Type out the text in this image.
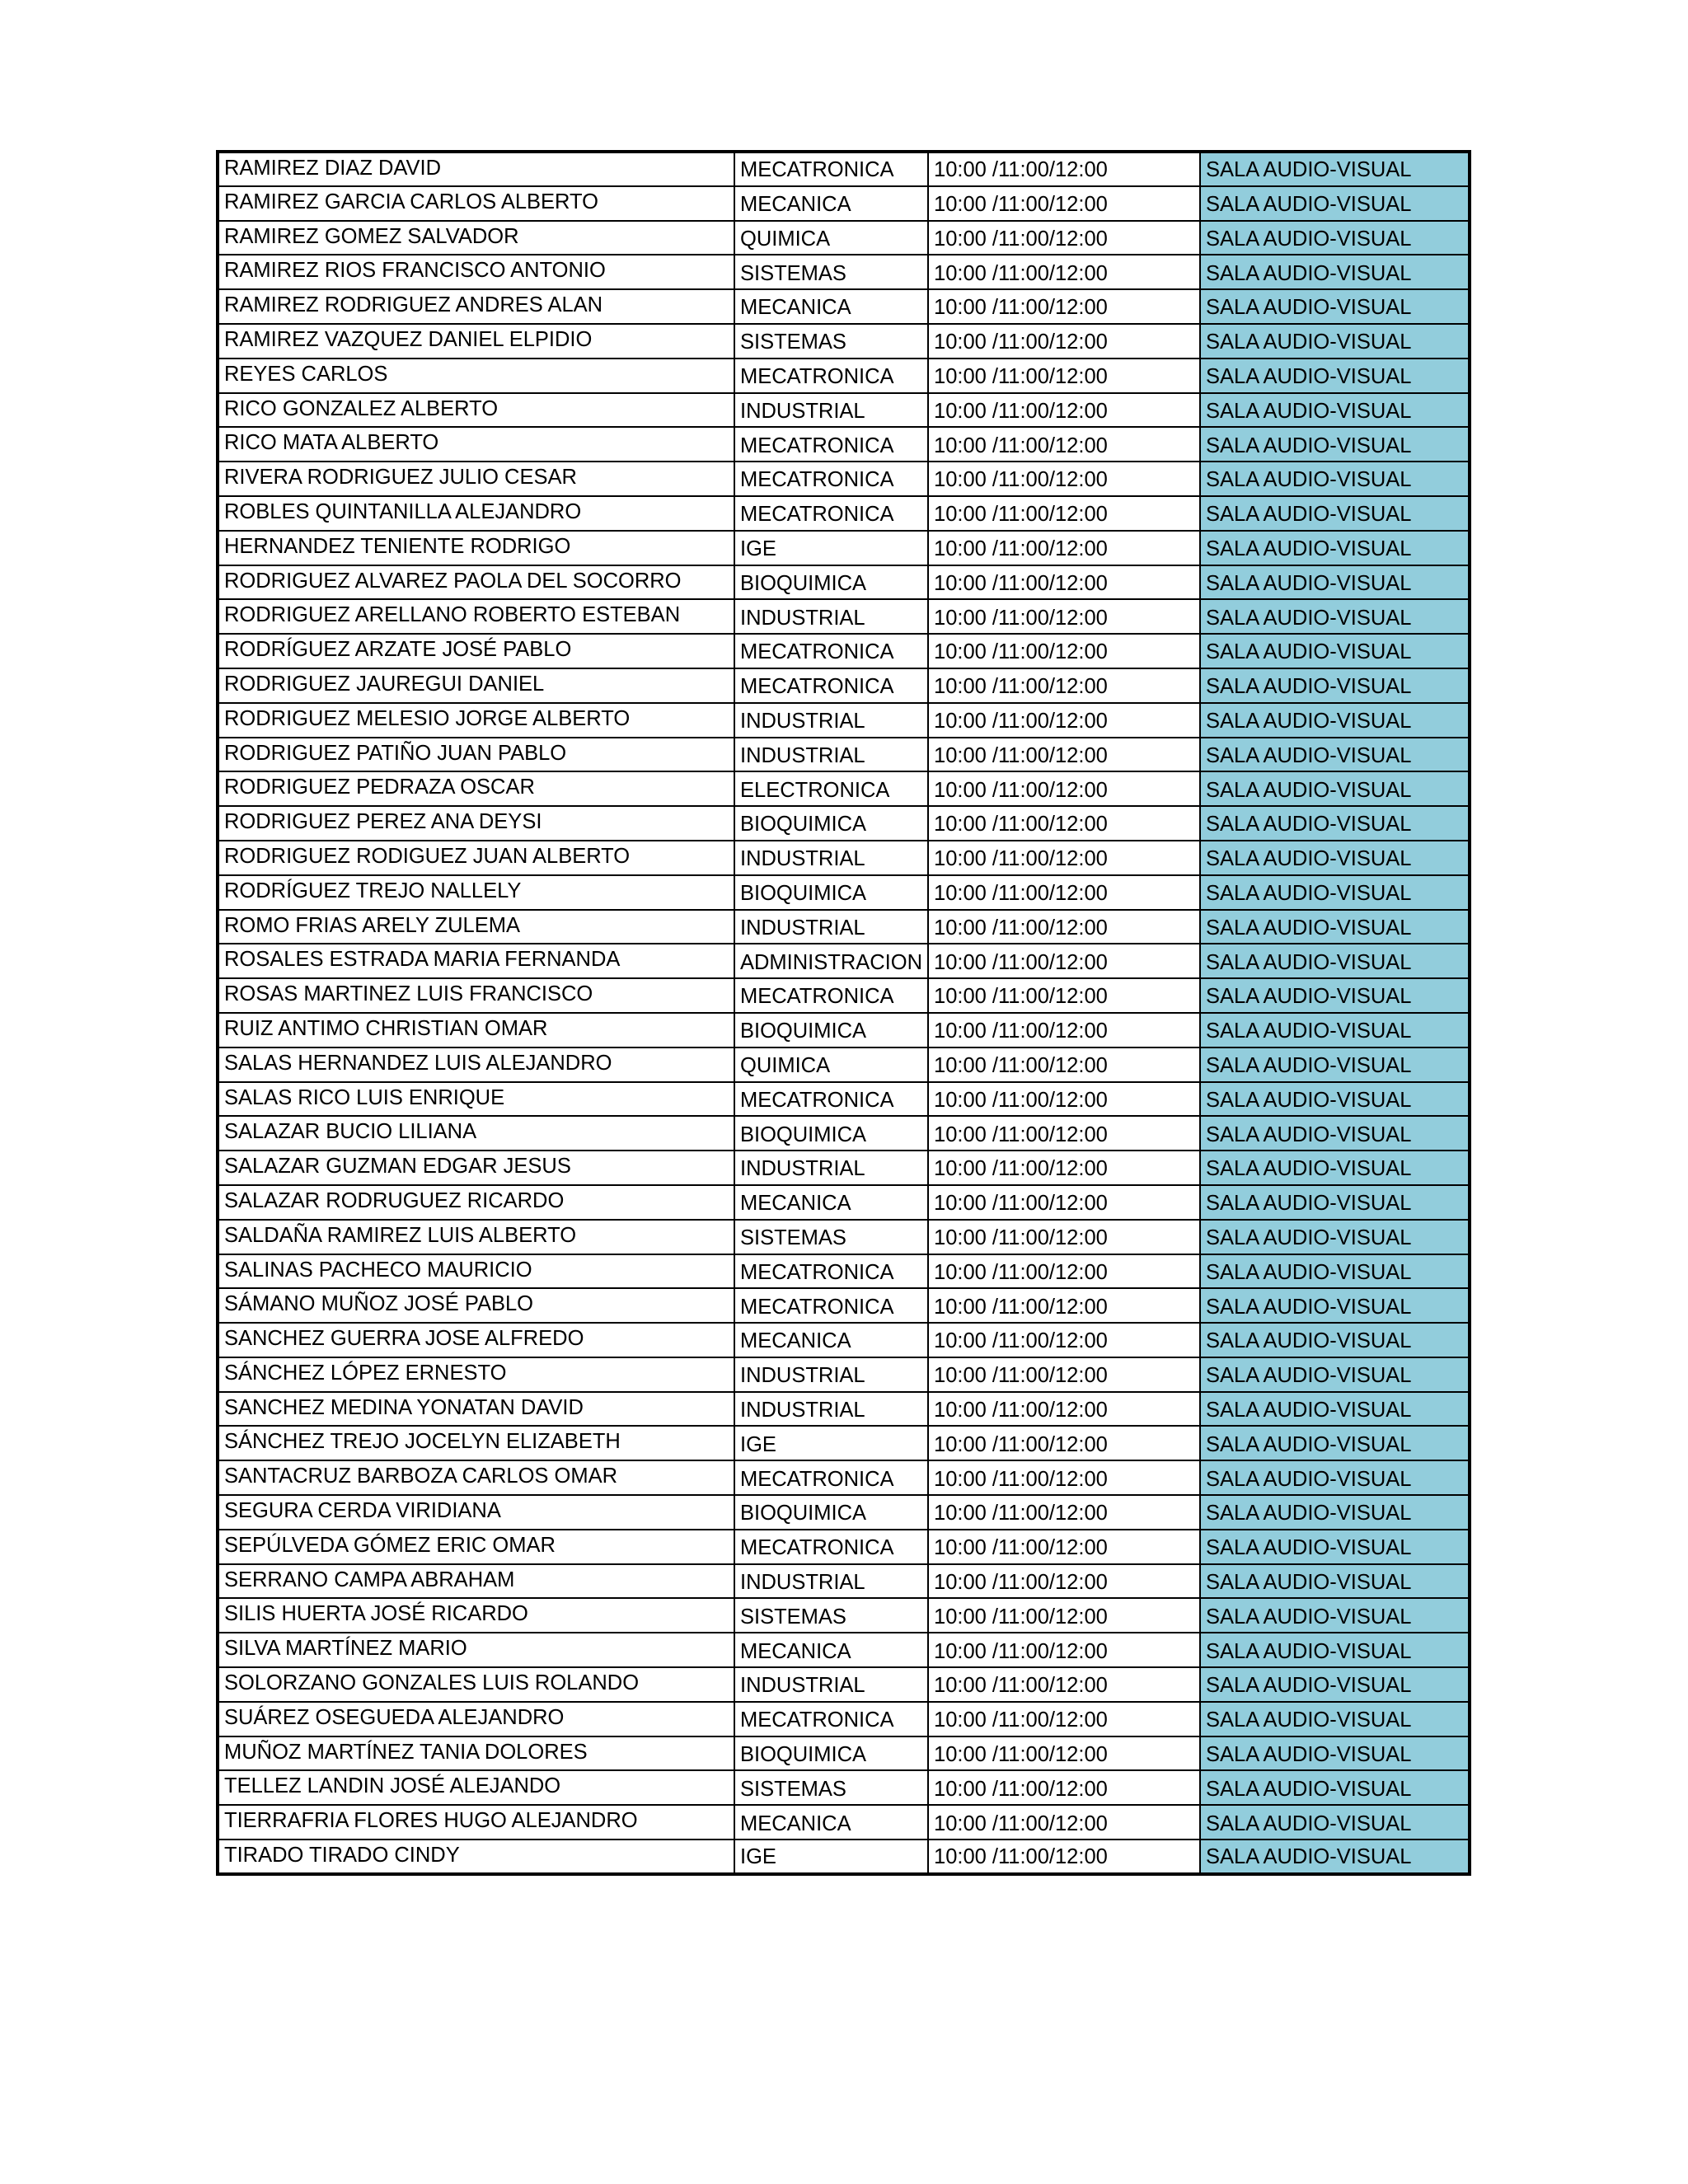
RAMIREZ DIAZ DAVID	MECATRONICA	10:00 /11:00/12:00	SALA AUDIO-VISUAL
RAMIREZ GARCIA CARLOS ALBERTO	MECANICA	10:00 /11:00/12:00	SALA AUDIO-VISUAL
RAMIREZ GOMEZ SALVADOR	QUIMICA	10:00 /11:00/12:00	SALA AUDIO-VISUAL
RAMIREZ RIOS FRANCISCO ANTONIO	SISTEMAS	10:00 /11:00/12:00	SALA AUDIO-VISUAL
RAMIREZ RODRIGUEZ ANDRES ALAN	MECANICA	10:00 /11:00/12:00	SALA AUDIO-VISUAL
RAMIREZ VAZQUEZ DANIEL ELPIDIO	SISTEMAS	10:00 /11:00/12:00	SALA AUDIO-VISUAL
REYES CARLOS	MECATRONICA	10:00 /11:00/12:00	SALA AUDIO-VISUAL
RICO GONZALEZ ALBERTO	INDUSTRIAL	10:00 /11:00/12:00	SALA AUDIO-VISUAL
RICO MATA ALBERTO	MECATRONICA	10:00 /11:00/12:00	SALA AUDIO-VISUAL
RIVERA RODRIGUEZ JULIO CESAR	MECATRONICA	10:00 /11:00/12:00	SALA AUDIO-VISUAL
ROBLES QUINTANILLA ALEJANDRO	MECATRONICA	10:00 /11:00/12:00	SALA AUDIO-VISUAL
HERNANDEZ TENIENTE RODRIGO	IGE	10:00 /11:00/12:00	SALA AUDIO-VISUAL
RODRIGUEZ ALVAREZ PAOLA DEL SOCORRO	BIOQUIMICA	10:00 /11:00/12:00	SALA AUDIO-VISUAL
RODRIGUEZ ARELLANO ROBERTO ESTEBAN	INDUSTRIAL	10:00 /11:00/12:00	SALA AUDIO-VISUAL
RODRÍGUEZ ARZATE JOSÉ PABLO	MECATRONICA	10:00 /11:00/12:00	SALA AUDIO-VISUAL
RODRIGUEZ JAUREGUI DANIEL	MECATRONICA	10:00 /11:00/12:00	SALA AUDIO-VISUAL
RODRIGUEZ MELESIO JORGE ALBERTO	INDUSTRIAL	10:00 /11:00/12:00	SALA AUDIO-VISUAL
RODRIGUEZ PATIÑO JUAN PABLO	INDUSTRIAL	10:00 /11:00/12:00	SALA AUDIO-VISUAL
RODRIGUEZ PEDRAZA OSCAR	ELECTRONICA	10:00 /11:00/12:00	SALA AUDIO-VISUAL
RODRIGUEZ PEREZ ANA DEYSI	BIOQUIMICA	10:00 /11:00/12:00	SALA AUDIO-VISUAL
RODRIGUEZ RODIGUEZ JUAN ALBERTO	INDUSTRIAL	10:00 /11:00/12:00	SALA AUDIO-VISUAL
RODRÍGUEZ TREJO NALLELY	BIOQUIMICA	10:00 /11:00/12:00	SALA AUDIO-VISUAL
ROMO FRIAS ARELY ZULEMA	INDUSTRIAL	10:00 /11:00/12:00	SALA AUDIO-VISUAL
ROSALES ESTRADA MARIA FERNANDA	ADMINISTRACION	10:00 /11:00/12:00	SALA AUDIO-VISUAL
ROSAS MARTINEZ LUIS FRANCISCO	MECATRONICA	10:00 /11:00/12:00	SALA AUDIO-VISUAL
RUIZ ANTIMO CHRISTIAN OMAR	BIOQUIMICA	10:00 /11:00/12:00	SALA AUDIO-VISUAL
SALAS HERNANDEZ LUIS ALEJANDRO	QUIMICA	10:00 /11:00/12:00	SALA AUDIO-VISUAL
SALAS RICO LUIS ENRIQUE	MECATRONICA	10:00 /11:00/12:00	SALA AUDIO-VISUAL
SALAZAR BUCIO LILIANA	BIOQUIMICA	10:00 /11:00/12:00	SALA AUDIO-VISUAL
SALAZAR GUZMAN EDGAR JESUS	INDUSTRIAL	10:00 /11:00/12:00	SALA AUDIO-VISUAL
SALAZAR RODRUGUEZ RICARDO	MECANICA	10:00 /11:00/12:00	SALA AUDIO-VISUAL
SALDAÑA RAMIREZ LUIS ALBERTO	SISTEMAS	10:00 /11:00/12:00	SALA AUDIO-VISUAL
SALINAS PACHECO MAURICIO	MECATRONICA	10:00 /11:00/12:00	SALA AUDIO-VISUAL
SÁMANO MUÑOZ JOSÉ PABLO	MECATRONICA	10:00 /11:00/12:00	SALA AUDIO-VISUAL
SANCHEZ GUERRA JOSE ALFREDO	MECANICA	10:00 /11:00/12:00	SALA AUDIO-VISUAL
SÁNCHEZ LÓPEZ ERNESTO	INDUSTRIAL	10:00 /11:00/12:00	SALA AUDIO-VISUAL
SANCHEZ MEDINA YONATAN DAVID	INDUSTRIAL	10:00 /11:00/12:00	SALA AUDIO-VISUAL
SÁNCHEZ TREJO JOCELYN ELIZABETH	IGE	10:00 /11:00/12:00	SALA AUDIO-VISUAL
SANTACRUZ BARBOZA CARLOS OMAR	MECATRONICA	10:00 /11:00/12:00	SALA AUDIO-VISUAL
SEGURA CERDA VIRIDIANA	BIOQUIMICA	10:00 /11:00/12:00	SALA AUDIO-VISUAL
SEPÚLVEDA GÓMEZ ERIC OMAR	MECATRONICA	10:00 /11:00/12:00	SALA AUDIO-VISUAL
SERRANO CAMPA ABRAHAM	INDUSTRIAL	10:00 /11:00/12:00	SALA AUDIO-VISUAL
SILIS HUERTA JOSÉ RICARDO	SISTEMAS	10:00 /11:00/12:00	SALA AUDIO-VISUAL
SILVA MARTÍNEZ MARIO	MECANICA	10:00 /11:00/12:00	SALA AUDIO-VISUAL
SOLORZANO GONZALES LUIS ROLANDO	INDUSTRIAL	10:00 /11:00/12:00	SALA AUDIO-VISUAL
SUÁREZ OSEGUEDA ALEJANDRO	MECATRONICA	10:00 /11:00/12:00	SALA AUDIO-VISUAL
MUÑOZ MARTÍNEZ TANIA DOLORES	BIOQUIMICA	10:00 /11:00/12:00	SALA AUDIO-VISUAL
TELLEZ LANDIN JOSÉ ALEJANDO	SISTEMAS	10:00 /11:00/12:00	SALA AUDIO-VISUAL
TIERRAFRIA FLORES HUGO ALEJANDRO	MECANICA	10:00 /11:00/12:00	SALA AUDIO-VISUAL
TIRADO TIRADO CINDY	IGE	10:00 /11:00/12:00	SALA AUDIO-VISUAL
